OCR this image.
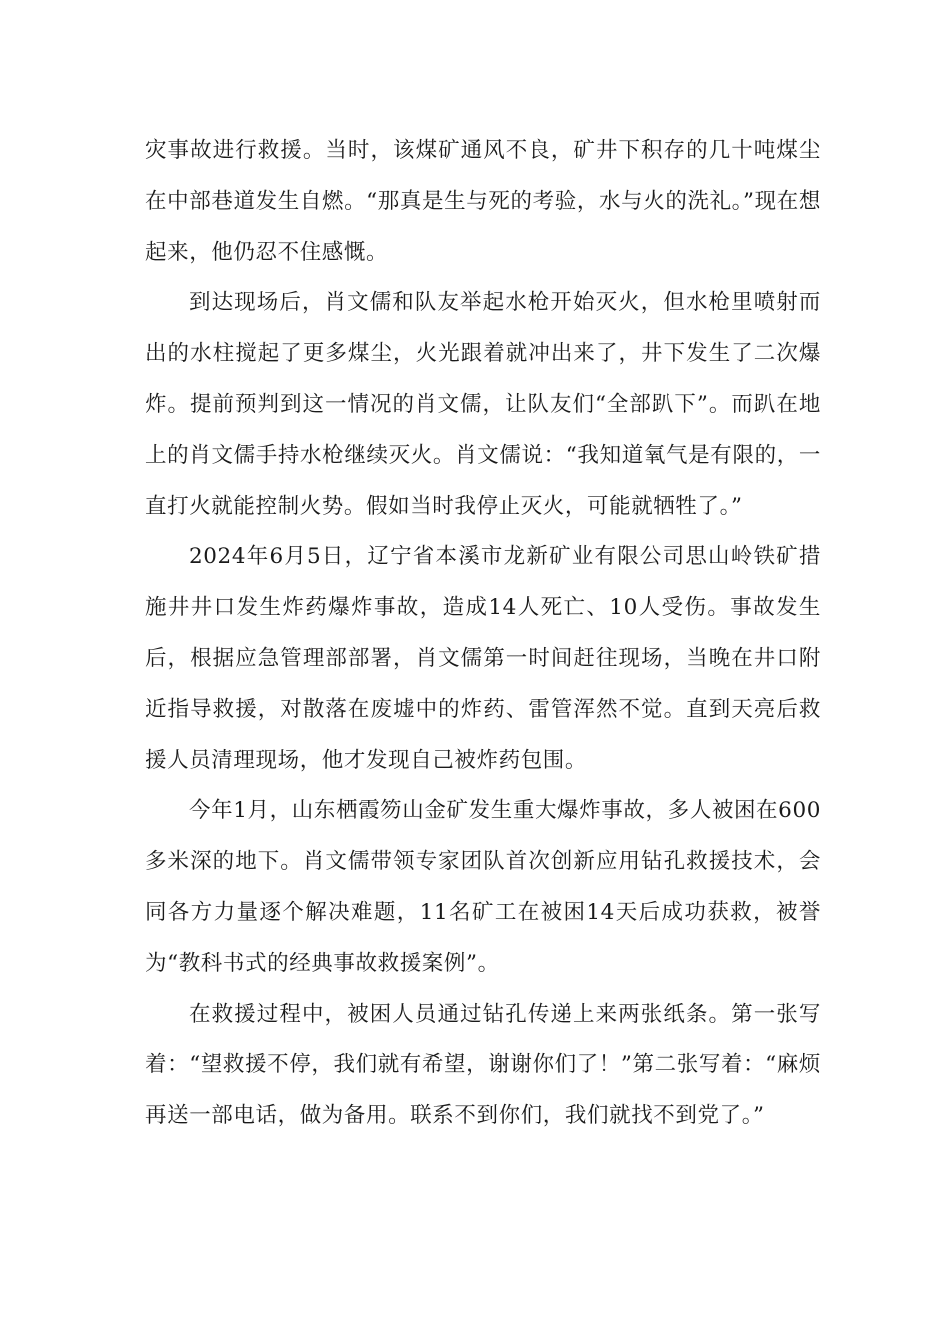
灾事故进行救援。当时，该煤矿通风不良，矿井下积存的几十吨煤尘在中部巷道发生自燃。“那真是生与死的考验，水与火的洗礼。”现在想起来，他仍忍不住感慨。

到达现场后，肖文儒和队友举起水枪开始灭火，但水枪里喷射而出的水柱搅起了更多煤尘，火光跟着就冲出来了，井下发生了二次爆炸。提前预判到这一情况的肖文儒，让队友们“全部趴下”。而趴在地上的肖文儒手持水枪继续灭火。肖文儒说：“我知道氧气是有限的，一直打火就能控制火势。假如当时我停止灭火，可能就牺牲了。”

2024年6月5日，辽宁省本溪市龙新矿业有限公司思山岭铁矿措施井井口发生炸药爆炸事故，造成14人死亡、10人受伤。事故发生后，根据应急管理部部署，肖文儒第一时间赶往现场，当晚在井口附近指导救援，对散落在废墟中的炸药、雷管浑然不觉。直到天亮后救援人员清理现场，他才发现自己被炸药包围。

今年1月，山东栖霞笏山金矿发生重大爆炸事故，多人被困在600多米深的地下。肖文儒带领专家团队首次创新应用钻孔救援技术，会同各方力量逐个解决难题，11名矿工在被困14天后成功获救，被誉为“教科书式的经典事故救援案例”。

在救援过程中，被困人员通过钻孔传递上来两张纸条。第一张写着：“望救援不停，我们就有希望，谢谢你们了！”第二张写着：“麻烦再送一部电话，做为备用。联系不到你们，我们就找不到党了。”
